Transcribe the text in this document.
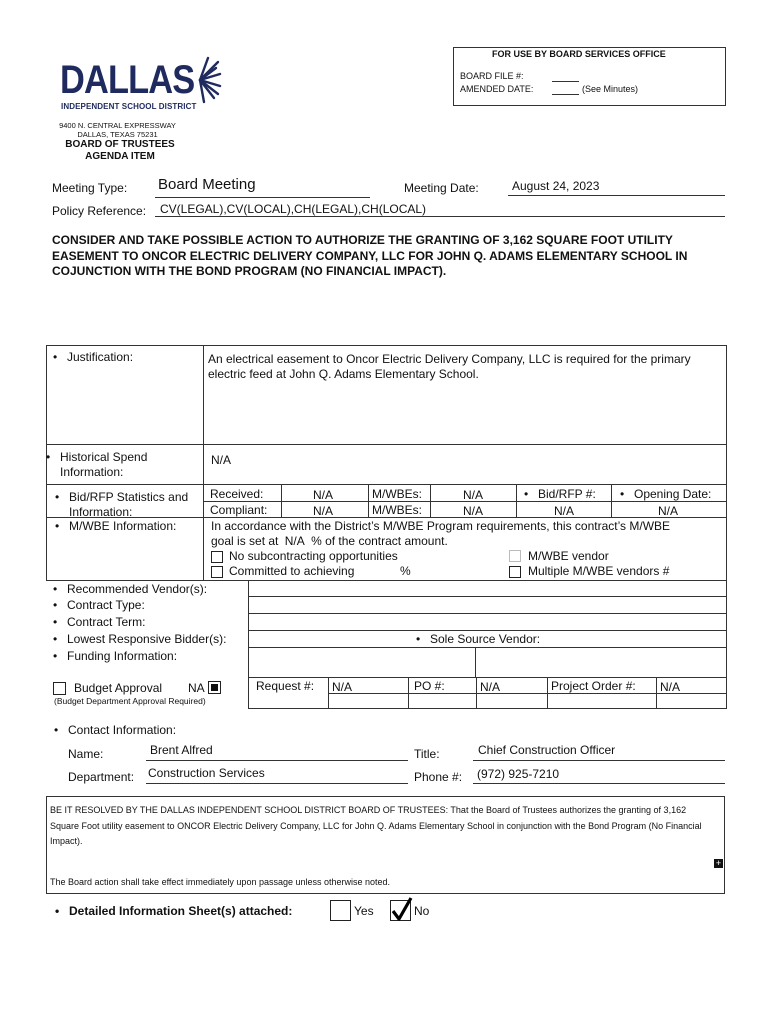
FOR USE BY BOARD SERVICES OFFICE
BOARD FILE #:
AMENDED DATE:	(See Minutes)
DALLAS
INDEPENDENT SCHOOL DISTRICT
9400 N. CENTRAL EXPRESSWAY
DALLAS, TEXAS 75231
BOARD OF TRUSTEES
AGENDA ITEM
Meeting Type: Board Meeting	Meeting Date:	August 24, 2023
Policy Reference: CV(LEGAL),CV(LOCAL),CH(LEGAL),CH(LOCAL)
CONSIDER AND TAKE POSSIBLE ACTION TO AUTHORIZE THE GRANTING OF 3,162 SQUARE FOOT UTILITY EASEMENT TO ONCOR ELECTRIC DELIVERY COMPANY, LLC FOR JOHN Q. ADAMS ELEMENTARY SCHOOL IN COJUNCTION WITH THE BOND PROGRAM (NO FINANCIAL IMPACT).
• Justification:	An electrical easement to Oncor Electric Delivery Company, LLC is required for the primary electric feed at John Q. Adams Elementary School.
• Historical Spend
Information:
N/A
• Bid/RFP Statistics and
Information:
Received:	N/A	M/WBEs:	N/A	• Bid/RFP #:	• Opening Date:
Compliant:	N/A	M/WBEs:	N/A	N/A	N/A
• M/WBE Information:	In accordance with the District’s M/WBE Program requirements, this contract’s M/WBE
goal is set at N/A % of the contract amount.
No subcontracting opportunities
Committed to achieving	%
M/WBE vendor
Multiple M/WBE vendors #
• Recommended Vendor(s):
• Contract Type:
• Contract Term:
• Lowest Responsive Bidder(s):	• Sole Source Vendor:
• Funding Information:
Budget Approval NA
(Budget Department Approval Required)
Request #: N/A	PO #:	N/A	Project Order #: N/A
• Contact Information:
Name:	Brent Alfred	Title:	Chief Construction Officer
Department: Construction Services	Phone #: (972) 925-7210
BE IT RESOLVED BY THE DALLAS INDEPENDENT SCHOOL DISTRICT BOARD OF TRUSTEES: That the Board of Trustees authorizes the granting of 3,162 Square Foot utility easement to ONCOR Electric Delivery Company, LLC for John Q. Adams Elementary School in conjunction with the Bond Program (No Financial Impact).
The Board action shall take effect immediately upon passage unless otherwise noted.
+
• Detailed Information Sheet(s) attached:	Yes	No
